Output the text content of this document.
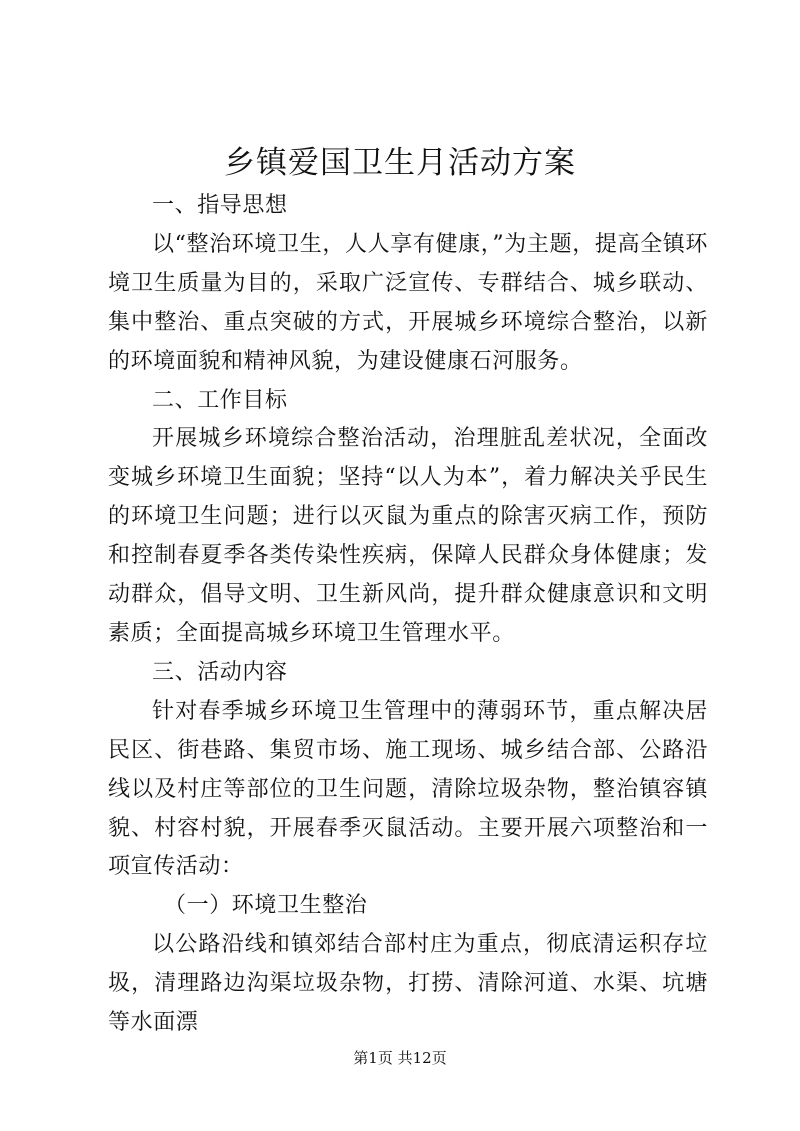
乡镇爱国卫生月活动方案

一、指导思想

以“整治环境卫生，人人享有健康，”为主题，提高全镇环境卫生质量为目的，采取广泛宣传、专群结合、城乡联动、集中整治、重点突破的方式，开展城乡环境综合整治，以新的环境面貌和精神风貌，为建设健康石河服务。

二、工作目标

开展城乡环境综合整治活动，治理脏乱差状况，全面改变城乡环境卫生面貌；坚持“以人为本”，着力解决关乎民生的环境卫生问题；进行以灭鼠为重点的除害灭病工作，预防和控制春夏季各类传染性疾病，保障人民群众身体健康；发动群众，倡导文明、卫生新风尚，提升群众健康意识和文明素质；全面提高城乡环境卫生管理水平。

三、活动内容

针对春季城乡环境卫生管理中的薄弱环节，重点解决居民区、街巷路、集贸市场、施工现场、城乡结合部、公路沿线以及村庄等部位的卫生问题，清除垃圾杂物，整治镇容镇貌、村容村貌，开展春季灭鼠活动。主要开展六项整治和一项宣传活动：

（一）环境卫生整治

以公路沿线和镇郊结合部村庄为重点，彻底清运积存垃圾，清理路边沟渠垃圾杂物，打捞、清除河道、水渠、坑塘等水面漂

第1页 共12页
